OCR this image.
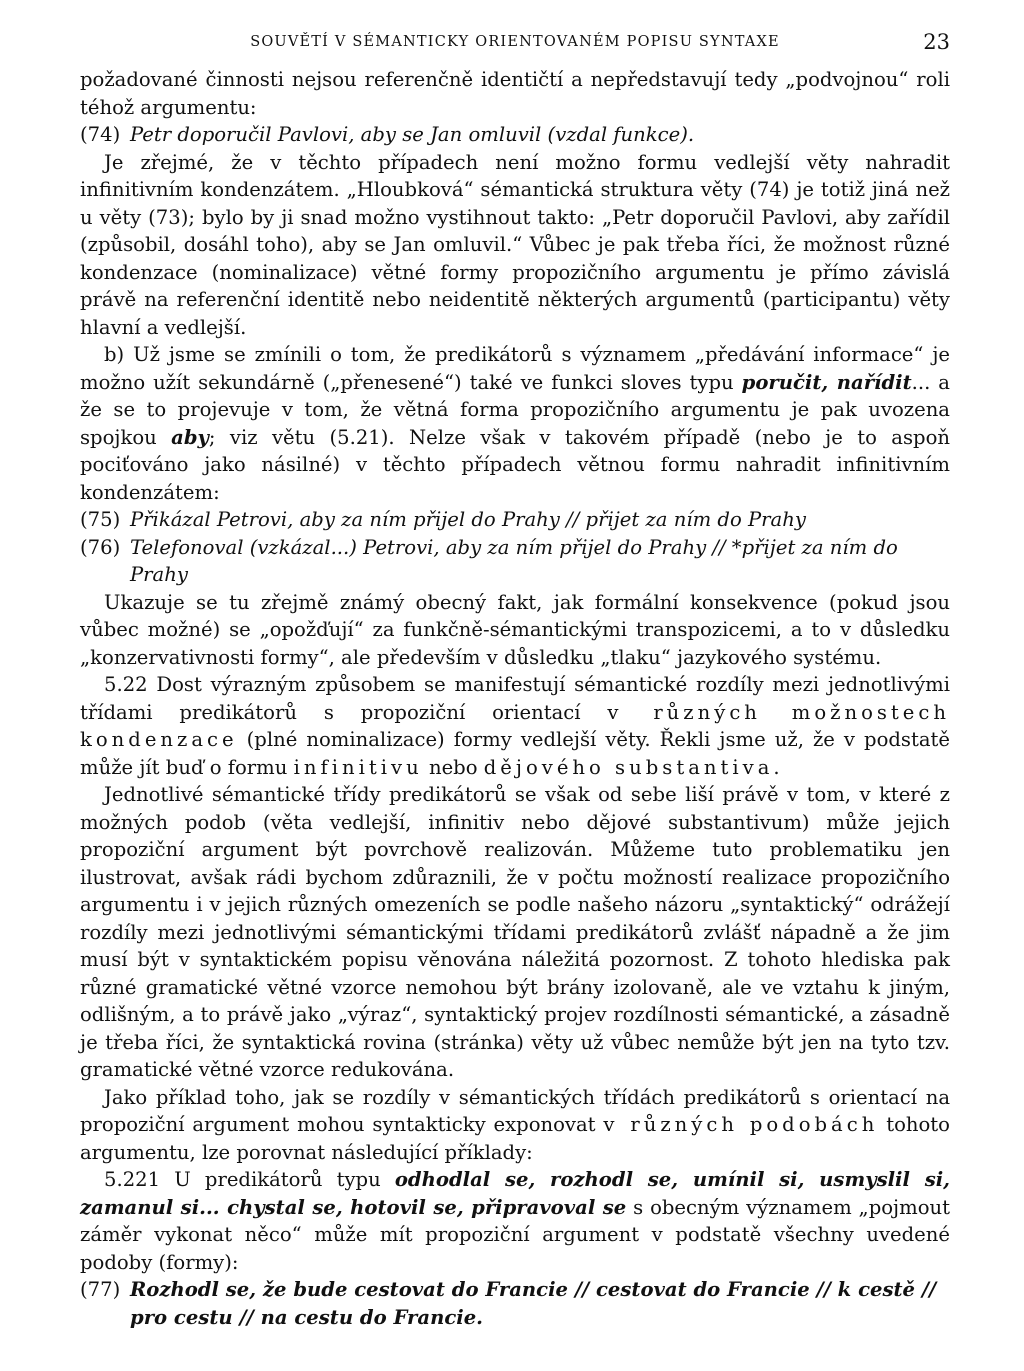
SOUVĚTÍ V SÉMANTICKY ORIENTOVANÉM POPISU SYNTAXE	23

požadované činnosti nejsou referenčně identičtí a nepředstavují tedy „podvojnou“ roli téhož argumentu:

(74) Petr doporučil Pavlovi, aby se Jan omluvil (vzdal funkce).

Je zřejmé, že v těchto případech není možno formu vedlejší věty nahradit infinitivním kondenzátem. „Hloubková“ sémantická struktura věty (74) je totiž jiná než u věty (73); bylo by ji snad možno vystihnout takto: „Petr doporučil Pavlovi, aby zařídil (způsobil, dosáhl toho), aby se Jan omluvil.“ Vůbec je pak třeba říci, že možnost různé kondenzace (nominalizace) větné formy propozičního argumentu je přímo závislá právě na referenční identitě nebo neidentitě některých argumentů (participantu) věty hlavní a vedlejší.

b) Už jsme se zmínili o tom, že predikátorů s významem „předávání informace“ je možno užít sekundárně („přenesené“) také ve funkci sloves typu poručit, nařídit... a že se to projevuje v tom, že větná forma propozičního argumentu je pak uvozena spojkou aby; viz větu (5.21). Nelze však v takovém případě (nebo je to aspoň pociťováno jako násilné) v těchto případech větnou formu nahradit infinitivním kondenzátem:

(75) Přikázal Petrovi, aby za ním přijel do Prahy // přijet za ním do Prahy
(76) Telefonoval (vzkázal...) Petrovi, aby za ním přijel do Prahy // *přijet za ním do Prahy

Ukazuje se tu zřejmě známý obecný fakt, jak formální konsekvence (pokud jsou vůbec možné) se „opožďují“ za funkčně-sémantickými transpozicemi, a to v důsledku „konzervativnosti formy“, ale především v důsledku „tlaku“ jazykového systému.

5.22 Dost výrazným způsobem se manifestují sémantické rozdíly mezi jednotlivými třídami predikátorů s propoziční orientací v různých možnostech kondenzace (plné nominalizace) formy vedlejší věty. Řekli jsme už, že v podstatě může jít buď o formu infinitivu nebo dějového substantiva.

Jednotlivé sémantické třídy predikátorů se však od sebe liší právě v tom, v které z možných podob (věta vedlejší, infinitiv nebo dějové substantivum) může jejich propoziční argument být povrchově realizován. Můžeme tuto problematiku jen ilustrovat, avšak rádi bychom zdůraznili, že v počtu možností realizace propozičního argumentu i v jejich různých omezeních se podle našeho názoru „syntaktický“ odrážejí rozdíly mezi jednotlivými sémantickými třídami predikátorů zvlášť nápadně a že jim musí být v syntaktickém popisu věnována náležitá pozornost. Z tohoto hlediska pak různé gramatické větné vzorce nemohou být brány izolovaně, ale ve vztahu k jiným, odlišným, a to právě jako „výraz“, syntaktický projev rozdílnosti sémantické, a zásadně je třeba říci, že syntaktická rovina (stránka) věty už vůbec nemůže být jen na tyto tzv. gramatické větné vzorce redukována.

Jako příklad toho, jak se rozdíly v sémantických třídách predikátorů s orientací na propoziční argument mohou syntakticky exponovat v různých podobách tohoto argumentu, lze porovnat následující příklady:

5.221 U predikátorů typu odhodlal se, rozhodl se, umínil si, usmyslil si, zamanul si... chystal se, hotovil se, připravoval se s obecným významem „pojmout záměr vykonat něco“ může mít propoziční argument v podstatě všechny uvedené podoby (formy):

(77) Rozhodl se, že bude cestovat do Francie // cestovat do Francie // k cestě // pro cestu // na cestu do Francie.
